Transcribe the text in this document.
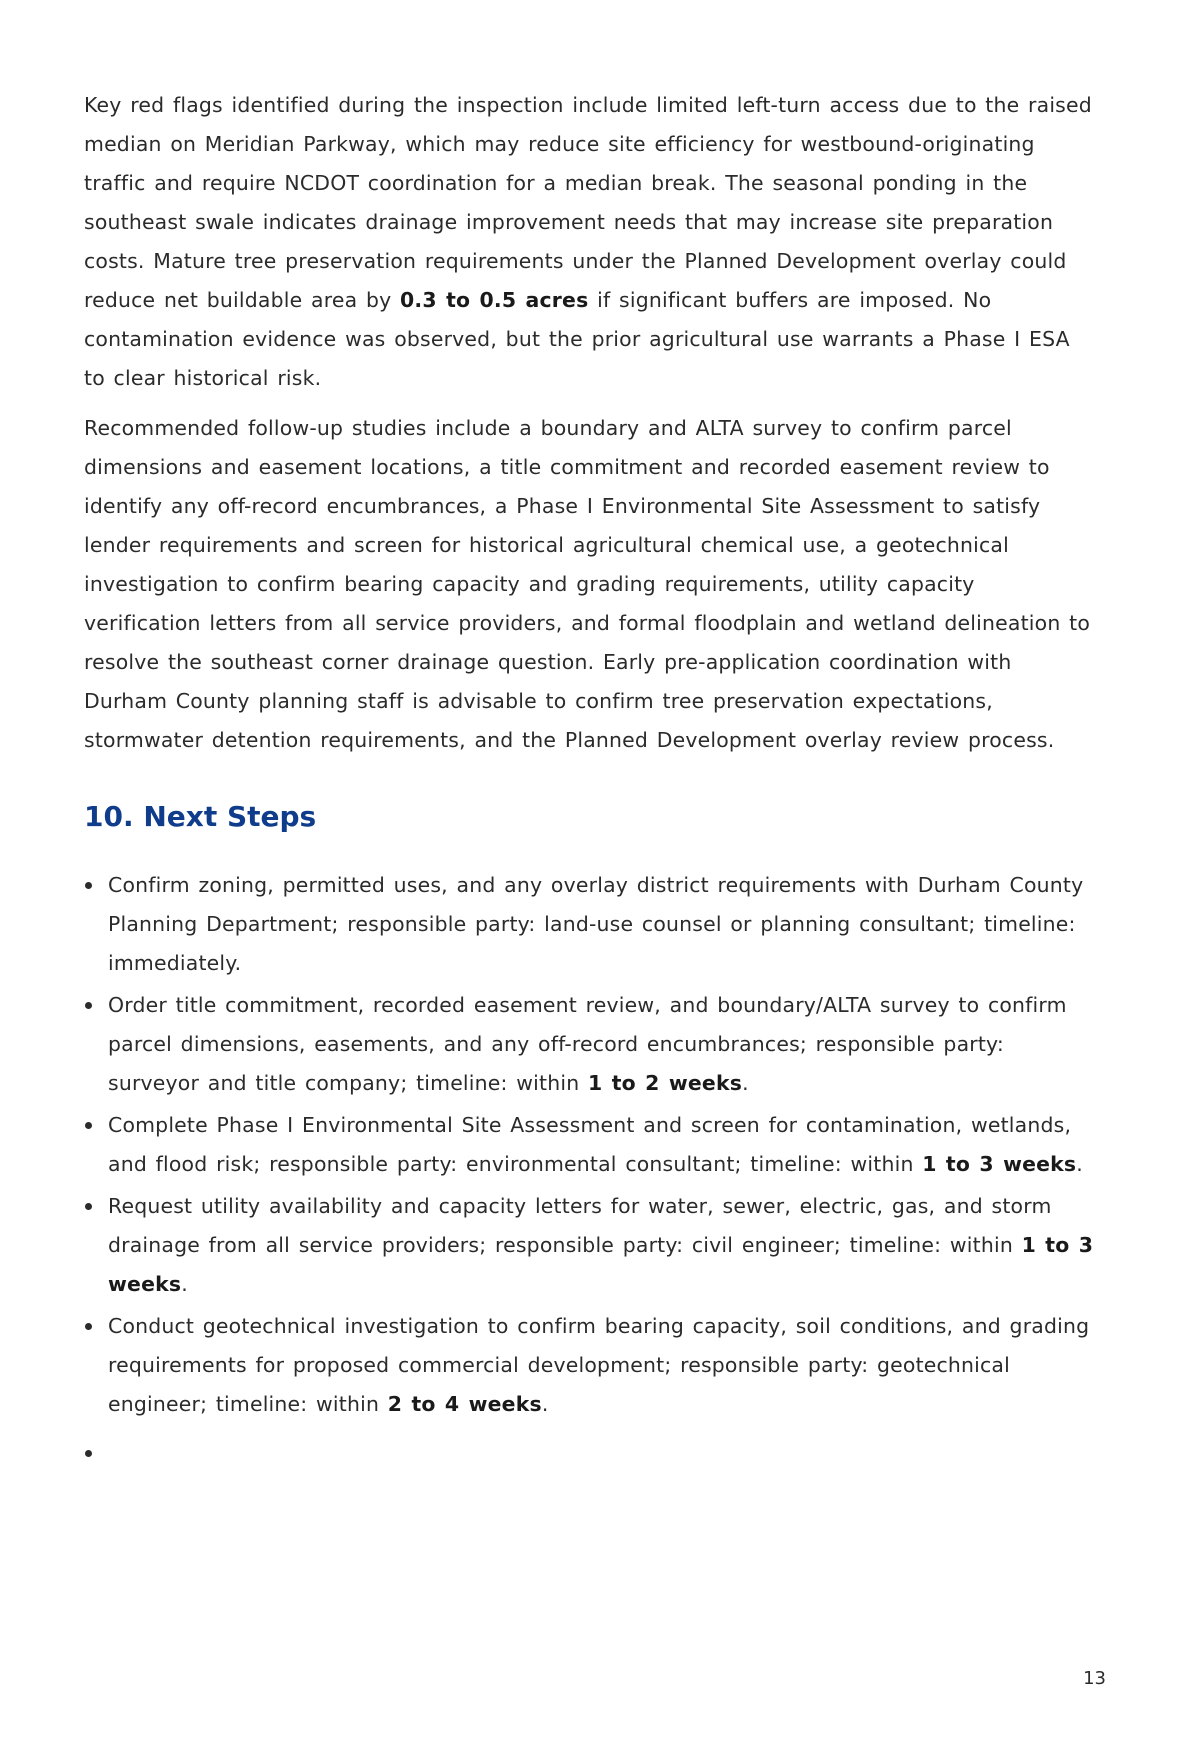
Key red flags identified during the inspection include limited left-turn access due to the raised median on Meridian Parkway, which may reduce site efficiency for westbound-originating traffic and require NCDOT coordination for a median break. The seasonal ponding in the southeast swale indicates drainage improvement needs that may increase site preparation costs. Mature tree preservation requirements under the Planned Development overlay could reduce net buildable area by 0.3 to 0.5 acres if significant buffers are imposed. No contamination evidence was observed, but the prior agricultural use warrants a Phase I ESA to clear historical risk.

Recommended follow-up studies include a boundary and ALTA survey to confirm parcel dimensions and easement locations, a title commitment and recorded easement review to identify any off-record encumbrances, a Phase I Environmental Site Assessment to satisfy lender requirements and screen for historical agricultural chemical use, a geotechnical investigation to confirm bearing capacity and grading requirements, utility capacity verification letters from all service providers, and formal floodplain and wetland delineation to resolve the southeast corner drainage question. Early pre-application coordination with Durham County planning staff is advisable to confirm tree preservation expectations, stormwater detention requirements, and the Planned Development overlay review process.

10. Next Steps
Confirm zoning, permitted uses, and any overlay district requirements with Durham County Planning Department; responsible party: land-use counsel or planning consultant; timeline: immediately.
Order title commitment, recorded easement review, and boundary/ALTA survey to confirm parcel dimensions, easements, and any off-record encumbrances; responsible party: surveyor and title company; timeline: within 1 to 2 weeks.
Complete Phase I Environmental Site Assessment and screen for contamination, wetlands, and flood risk; responsible party: environmental consultant; timeline: within 1 to 3 weeks.
Request utility availability and capacity letters for water, sewer, electric, gas, and storm drainage from all service providers; responsible party: civil engineer; timeline: within 1 to 3 weeks.
Conduct geotechnical investigation to confirm bearing capacity, soil conditions, and grading requirements for proposed commercial development; responsible party: geotechnical engineer; timeline: within 2 to 4 weeks.
13
